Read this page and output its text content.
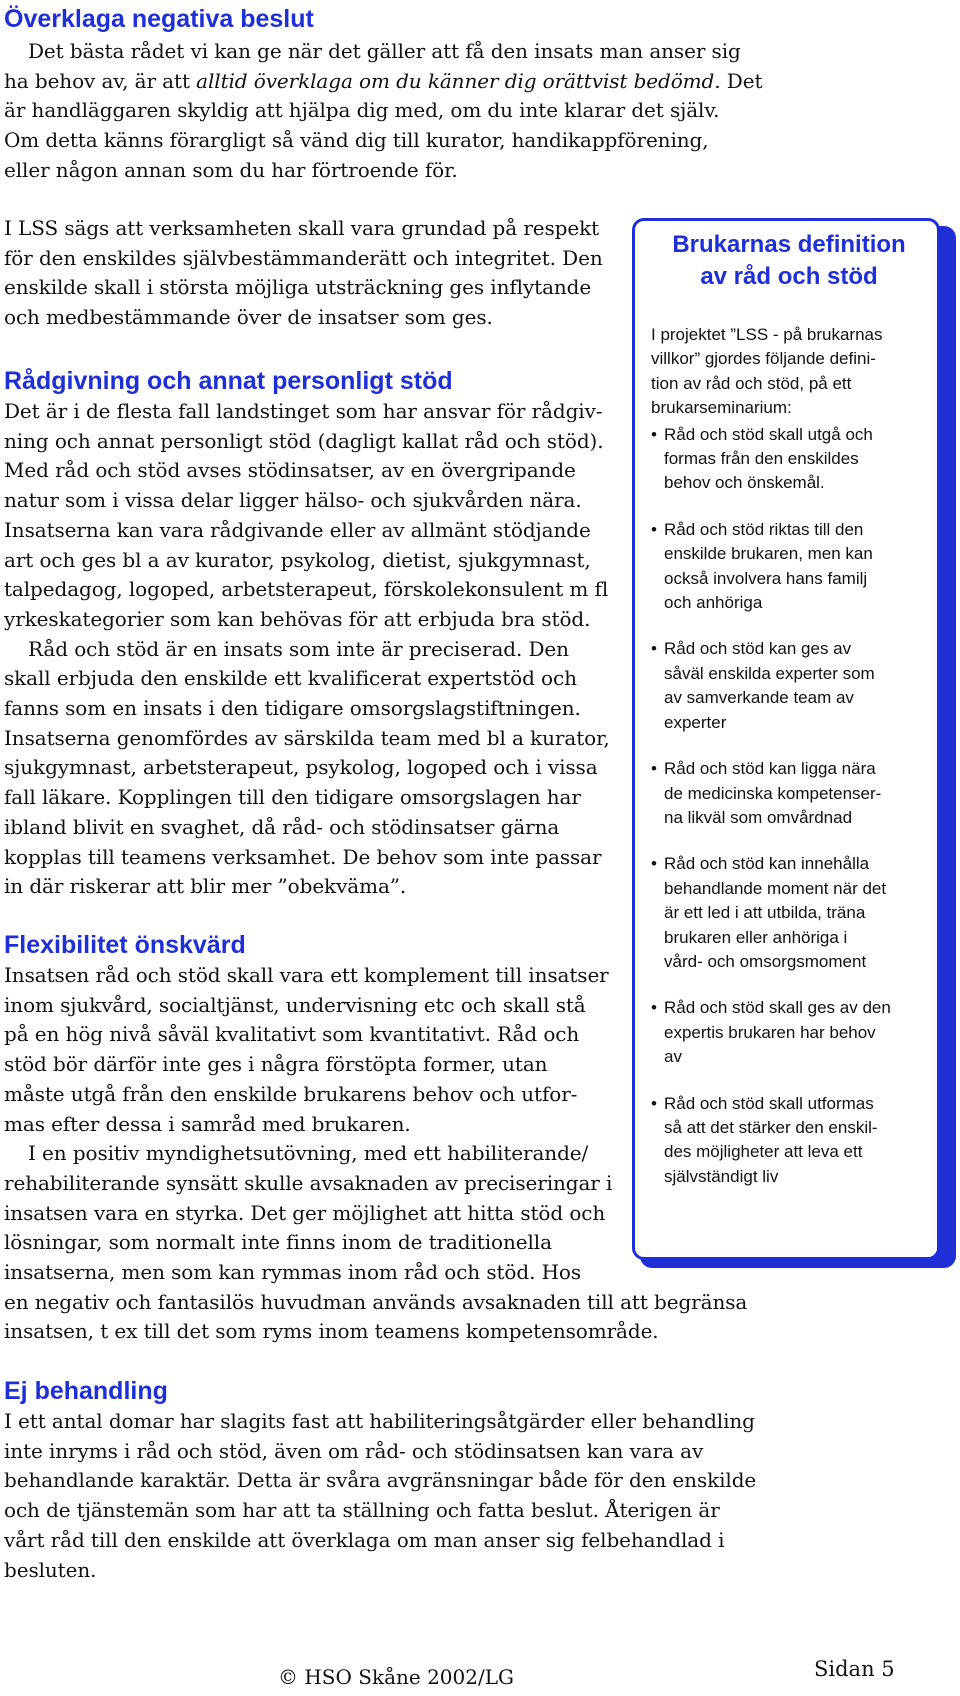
Överklaga negativa beslut

Det bästa rådet vi kan ge när det gäller att få den insats man anser sig
ha behov av, är att alltid överklaga om du känner dig orättvist bedömd. Det
är handläggaren skyldig att hjälpa dig med, om du inte klarar det själv.
Om detta känns förargligt så vänd dig till kurator, handikappförening,
eller någon annan som du har förtroende för.

I LSS sägs att verksamheten skall vara grundad på respekt
för den enskildes självbestämmanderätt och integritet. Den
enskilde skall i största möjliga utsträckning ges inflytande
och medbestämmande över de insatser som ges.

Rådgivning och annat personligt stöd

Det är i de flesta fall landstinget som har ansvar för rådgiv-
ning och annat personligt stöd (dagligt kallat råd och stöd).
Med råd och stöd avses stödinsatser, av en övergripande
natur som i vissa delar ligger hälso- och sjukvården nära.
Insatserna kan vara rådgivande eller av allmänt stödjande
art och ges bl a av kurator, psykolog, dietist, sjukgymnast,
talpedagog, logoped, arbetsterapeut, förskolekonsulent m fl
yrkeskategorier som kan behövas för att erbjuda bra stöd.
Råd och stöd är en insats som inte är preciserad. Den
skall erbjuda den enskilde ett kvalificerat expertstöd och
fanns som en insats i den tidigare omsorgslagstiftningen.
Insatserna genomfördes av särskilda team med bl a kurator,
sjukgymnast, arbetsterapeut, psykolog, logoped och i vissa
fall läkare. Kopplingen till den tidigare omsorgslagen har
ibland blivit en svaghet, då råd- och stödinsatser gärna
kopplas till teamens verksamhet. De behov som inte passar
in där riskerar att blir mer ”obekväma”.

Flexibilitet önskvärd

Insatsen råd och stöd skall vara ett komplement till insatser
inom sjukvård, socialtjänst, undervisning etc och skall stå
på en hög nivå såväl kvalitativt som kvantitativt. Råd och
stöd bör därför inte ges i några förstöpta former, utan
måste utgå från den enskilde brukarens behov och utfor-
mas efter dessa i samråd med brukaren.
I en positiv myndighetsutövning, med ett habiliterande/
rehabiliterande synsätt skulle avsaknaden av preciseringar i
insatsen vara en styrka. Det ger möjlighet att hitta stöd och
lösningar, som normalt inte finns inom de traditionella
insatserna, men som kan rymmas inom råd och stöd. Hos
en negativ och fantasilös huvudman används avsaknaden till att begränsa
insatsen, t ex till det som ryms inom teamens kompetensområde.

Ej behandling

I ett antal domar har slagits fast att habiliteringsåtgärder eller behandling
inte inryms i råd och stöd, även om råd- och stödinsatsen kan vara av
behandlande karaktär. Detta är svåra avgränsningar både för den enskilde
och de tjänstemän som har att ta ställning och fatta beslut. Återigen är
vårt råd till den enskilde att överklaga om man anser sig felbehandlad i
besluten.

Brukarnas definition
av råd och stöd

I projektet ”LSS - på brukarnas
villkor” gjordes följande defini-
tion av råd och stöd, på ett
brukarseminarium:

• Råd och stöd skall utgå och
formas från den enskildes
behov och önskemål.
• Råd och stöd riktas till den
enskilde brukaren, men kan
också involvera hans familj
och anhöriga
• Råd och stöd kan ges av
såväl enskilda experter som
av samverkande team av
experter
• Råd och stöd kan ligga nära
de medicinska kompetenser-
na likväl som omvårdnad
• Råd och stöd kan innehålla
behandlande moment när det
är ett led i att utbilda, träna
brukaren eller anhöriga i
vård- och omsorgsmoment
• Råd och stöd skall ges av den
expertis brukaren har behov
av
• Råd och stöd skall utformas
så att det stärker den enskil-
des möjligheter att leva ett
självständigt liv
© HSO Skåne 2002/LG	Sidan 5
